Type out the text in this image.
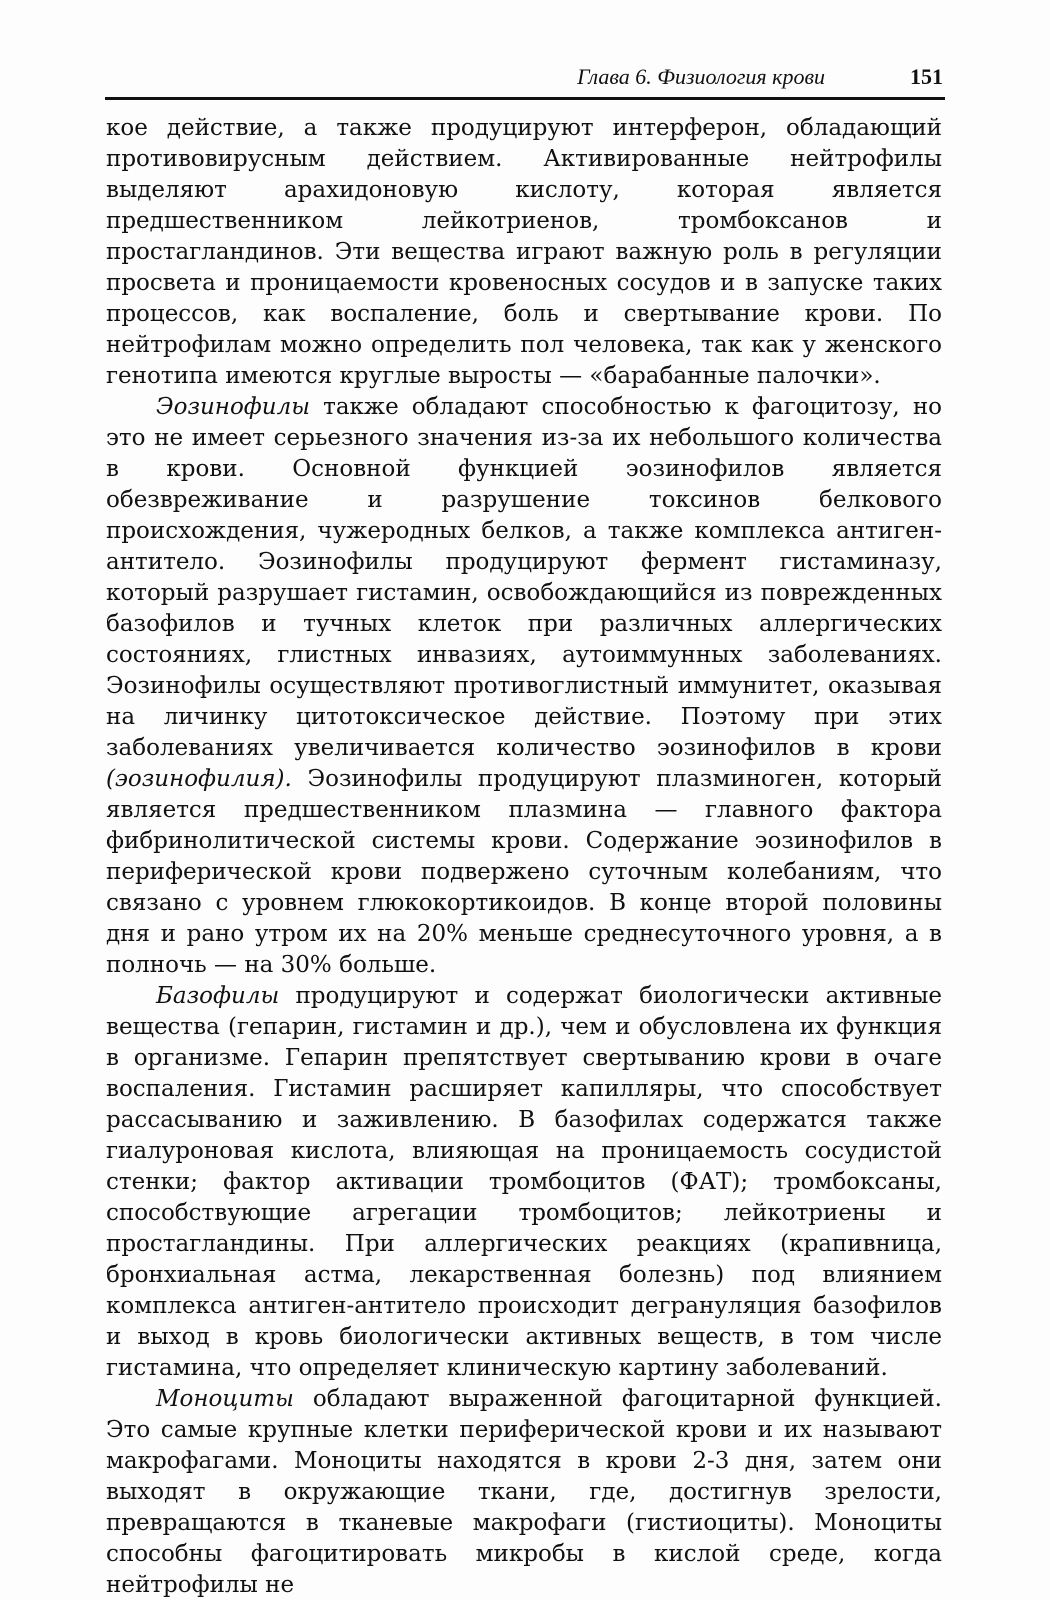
Глава 6. Физиология крови	151

кое действие, а также продуцируют интерферон, обладающий противовирусным действием. Активированные нейтрофилы выделяют арахидоновую кислоту, которая является предшественником лейкотриенов, тромбоксанов и простагландинов. Эти вещества играют важную роль в регуляции просвета и проницаемости кровеносных сосудов и в запуске таких процессов, как воспаление, боль и свертывание крови. По нейтрофилам можно определить пол человека, так как у женского генотипа имеются круглые выросты — «барабанные палочки».

Эозинофилы также обладают способностью к фагоцитозу, но это не имеет серьезного значения из-за их небольшого количества в крови. Основной функцией эозинофилов является обезвреживание и разрушение токсинов белкового происхождения, чужеродных белков, а также комплекса антиген-антитело. Эозинофилы продуцируют фермент гистаминазу, который разрушает гистамин, освобождающийся из поврежденных базофилов и тучных клеток при различных аллергических состояниях, глистных инвазиях, аутоиммунных заболеваниях. Эозинофилы осуществляют противоглистный иммунитет, оказывая на личинку цитотоксическое действие. Поэтому при этих заболеваниях увеличивается количество эозинофилов в крови (эозинофилия). Эозинофилы продуцируют плазминоген, который является предшественником плазмина — главного фактора фибринолитической системы крови. Содержание эозинофилов в периферической крови подвержено суточным колебаниям, что связано с уровнем глюкокортикоидов. В конце второй половины дня и рано утром их на 20% меньше среднесуточного уровня, а в полночь — на 30% больше.

Базофилы продуцируют и содержат биологически активные вещества (гепарин, гистамин и др.), чем и обусловлена их функция в организме. Гепарин препятствует свертыванию крови в очаге воспаления. Гистамин расширяет капилляры, что способствует рассасыванию и заживлению. В базофилах содержатся также гиалуроновая кислота, влияющая на проницаемость сосудистой стенки; фактор активации тромбоцитов (ФАТ); тромбоксаны, способствующие агрегации тромбоцитов; лейкотриены и простагландины. При аллергических реакциях (крапивница, бронхиальная астма, лекарственная болезнь) под влиянием комплекса антиген-антитело происходит дегрануляция базофилов и выход в кровь биологически активных веществ, в том числе гистамина, что определяет клиническую картину заболеваний.

Моноциты обладают выраженной фагоцитарной функцией. Это самые крупные клетки периферической крови и их называют макрофагами. Моноциты находятся в крови 2-3 дня, затем они выходят в окружающие ткани, где, достигнув зрелости, превращаются в тканевые макрофаги (гистиоциты). Моноциты способны фагоцитировать микробы в кислой среде, когда нейтрофилы не
